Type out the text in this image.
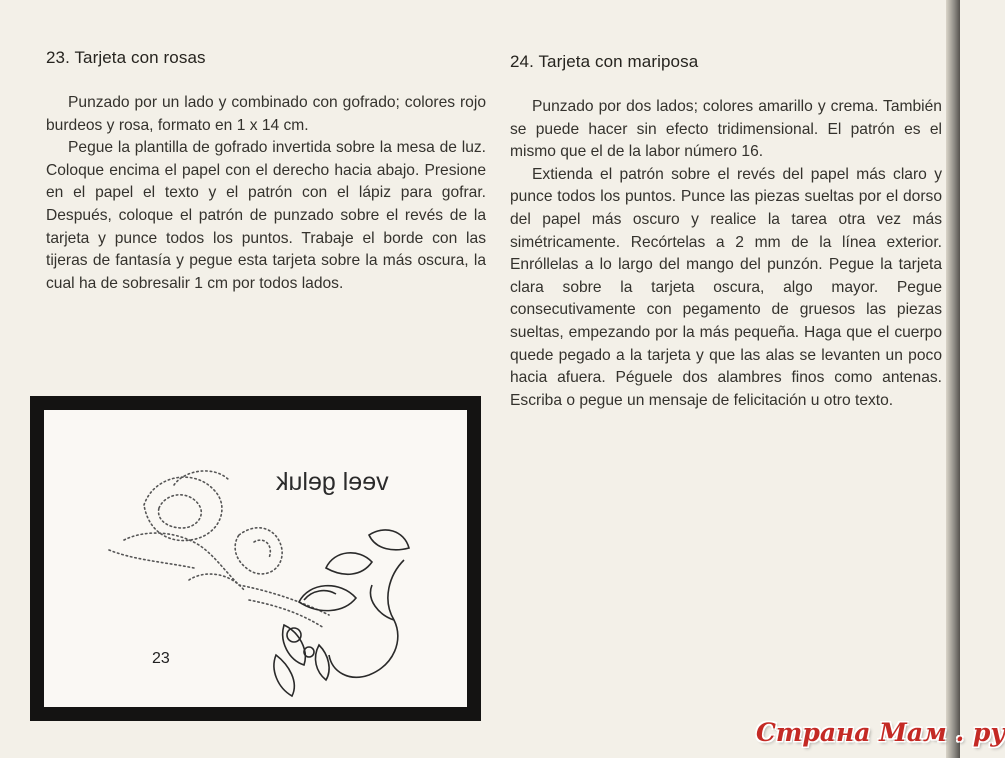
23. Tarjeta con rosas

Punzado por un lado y combinado con gofrado; colores rojo burdeos y rosa, formato en 1 x 14 cm.

Pegue la plantilla de gofrado invertida sobre la mesa de luz. Coloque encima el papel con el derecho hacia abajo. Presione en el papel el texto y el patrón con el lápiz para gofrar. Después, coloque el patrón de punzado sobre el revés de la tarjeta y punce todos los puntos. Trabaje el borde con las tijeras de fantasía y pegue esta tarjeta sobre la más oscura, la cual ha de sobresalir 1 cm por todos lados.

24. Tarjeta con mariposa

Punzado por dos lados; colores amarillo y crema. También se puede hacer sin efecto tridimensional. El patrón es el mismo que el de la labor número 16.

Extienda el patrón sobre el revés del papel más claro y punce todos los puntos. Punce las piezas sueltas por el dorso del papel más oscuro y realice la tarea otra vez más simétricamente. Recórtelas a 2 mm de la línea exterior. Enróllelas a lo largo del mango del punzón. Pegue la tarjeta clara sobre la tarjeta oscura, algo mayor. Pegue consecutivamente con pegamento de gruesos las piezas sueltas, empezando por la más pequeña. Haga que el cuerpo quede pegado a la tarjeta y que las alas se levanten un poco hacia afuera. Péguele dos alambres finos como antenas. Escriba o pegue un mensaje de felicitación u otro texto.

veel geluk
23
Страна Мам . ру
